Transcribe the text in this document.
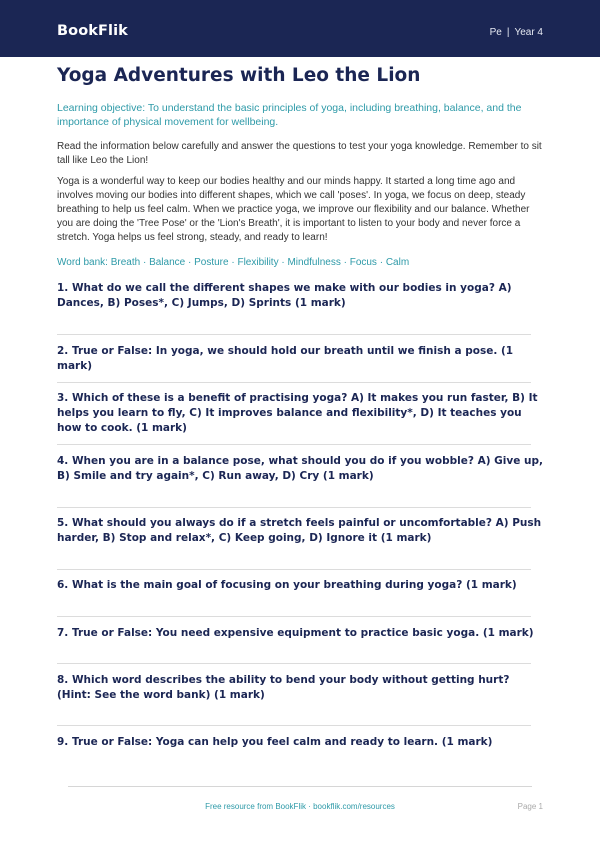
BookFlik	Pe | Year 4
Yoga Adventures with Leo the Lion

Learning objective: To understand the basic principles of yoga, including breathing, balance, and the importance of physical movement for wellbeing.

Read the information below carefully and answer the questions to test your yoga knowledge. Remember to sit tall like Leo the Lion!

Yoga is a wonderful way to keep our bodies healthy and our minds happy. It started a long time ago and involves moving our bodies into different shapes, which we call 'poses'. In yoga, we focus on deep, steady breathing to help us feel calm. When we practice yoga, we improve our flexibility and our balance. Whether you are doing the 'Tree Pose' or the 'Lion's Breath', it is important to listen to your body and never force a stretch. Yoga helps us feel strong, steady, and ready to learn!

Word bank: Breath · Balance · Posture · Flexibility · Mindfulness · Focus · Calm

1. What do we call the different shapes we make with our bodies in yoga? A) Dances, B) Poses*, C) Jumps, D) Sprints (1 mark)
2. True or False: In yoga, we should hold our breath until we finish a pose. (1 mark)
3. Which of these is a benefit of practising yoga? A) It makes you run faster, B) It helps you learn to fly, C) It improves balance and flexibility*, D) It teaches you how to cook. (1 mark)
4. When you are in a balance pose, what should you do if you wobble? A) Give up, B) Smile and try again*, C) Run away, D) Cry (1 mark)
5. What should you always do if a stretch feels painful or uncomfortable? A) Push harder, B) Stop and relax*, C) Keep going, D) Ignore it (1 mark)
6. What is the main goal of focusing on your breathing during yoga? (1 mark)
7. True or False: You need expensive equipment to practice basic yoga. (1 mark)
8. Which word describes the ability to bend your body without getting hurt? (Hint: See the word bank) (1 mark)
9. True or False: Yoga can help you feel calm and ready to learn. (1 mark)
Free resource from BookFlik · bookflik.com/resources	Page 1
